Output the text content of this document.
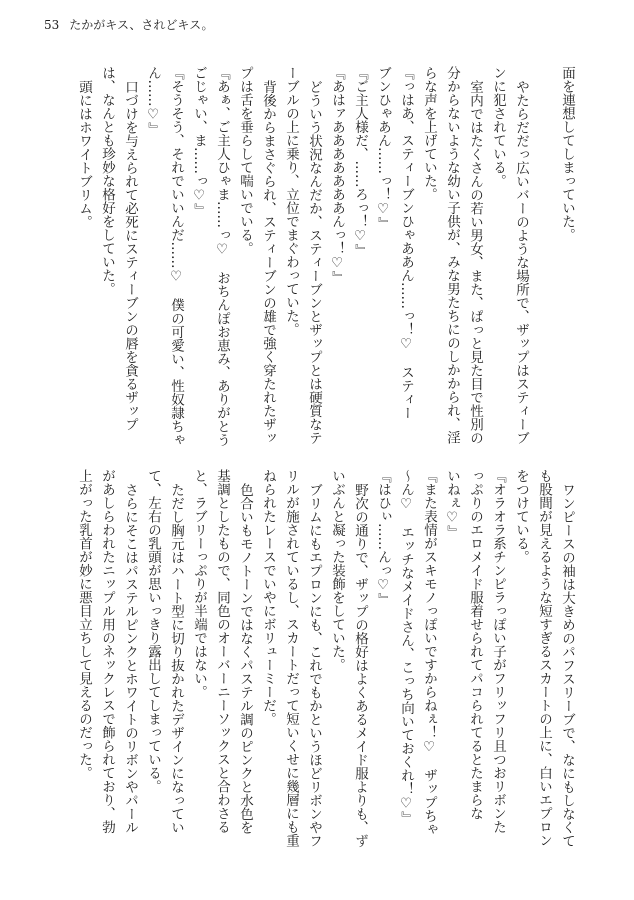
53 たかがキス、されどキス。
面を連想してしまっていた。
やたらだだっ広いバーのような場所で、ザップはスティーブ
ンに犯されている。
室内ではたくさんの若い男女、また、ぱっと見た目で性別の
分からないような幼い子供が、みな男たちにのしかかられ、淫
らな声を上げていた。
『っはあ、スティーブンひゃああん……っ！♡　スティー
ブンひゃあん……っ！♡』
『ご主人様だ、……ろっ！♡』
『あはァあああああああんっ！♡』
どういう状況なんだか、スティーブンとザップとは硬質なテ
ーブルの上に乗り、立位でまぐわっていた。
背後からまさぐられ、スティーブンの雄で強く穿たれたザッ
プは舌を垂らして喘いでいる。
『あぁ、ご主人ひゃま……っ♡　おちんぽお恵み、ありがとう
ごじゃい、ま……っ♡』
『そうそう、それでいいんだ……♡　僕の可愛い、性奴隷ちゃ
ん……♡』
口づけを与えられて必死にスティーブンの唇を貪るザップ
は、なんとも珍妙な格好をしていた。
頭にはホワイトブリム。
ワンピースの袖は大きめのパフスリーブで、なにもしなくて
も股間が見えるような短すぎるスカートの上に、白いエプロン
をつけている。
『オラオラ系チンピラっぽい子がフリッフリ且つおリボンた
っぷりのエロメイド服着せられてパコられてるとたまらな
いねぇ♡』
『また表情がスキモノっぽいですからねぇ！♡　ザップちゃ
～ん♡　エッチなメイドさん、こっち向いておくれ！♡』
『はひぃ……んっ♡』
野次の通りで、ザップの格好はよくあるメイド服よりも、ず
いぶんと凝った装飾をしていた。
ブリムにもエプロンにも、これでもかというほどリボンやフ
リルが施されているし、スカートだって短いくせに幾層にも重
ねられたレースでいやにボリューミーだ。
色合いもモノトーンではなくパステル調のピンクと水色を
基調としたもので、同色のオーバーニーソックスと合わさる
と、ラブリーっぷりが半端ではない。
ただし胸元はハート型に切り抜かれたデザインになってい
て、左右の乳頭が思いっきり露出してしまっている。
さらにそこはパステルピンクとホワイトのリボンやパール
があしらわれたニップル用のネックレスで飾られており、勃
上がった乳首が妙に悪目立ちして見えるのだった。
